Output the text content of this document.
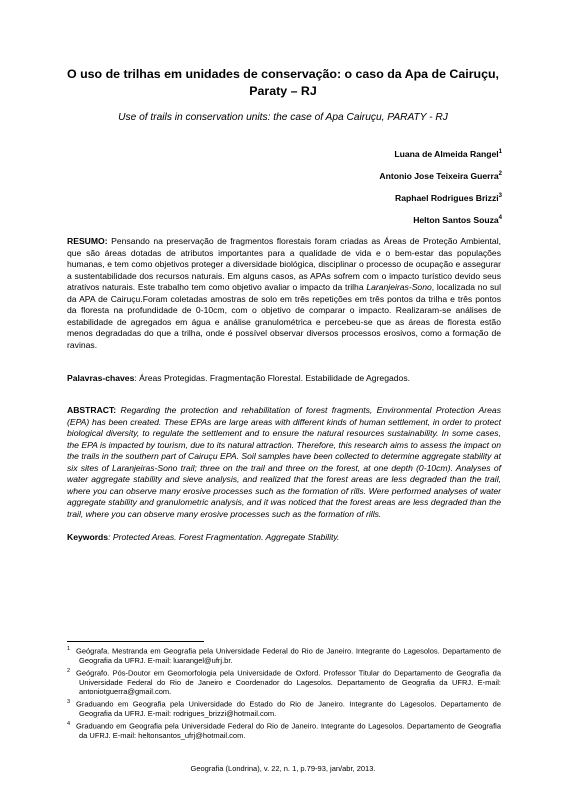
O uso de trilhas em unidades de conservação: o caso da Apa de Cairuçu, Paraty – RJ
Use of trails in conservation units: the case of Apa Cairuçu, PARATY - RJ
Luana de Almeida Rangel$^1$
Antonio Jose Teixeira Guerra$^2$
Raphael Rodrigues Brizzi$^3$
Helton Santos Souza$^4$
RESUMO: Pensando na preservação de fragmentos florestais foram criadas as Áreas de Proteção Ambiental, que são áreas dotadas de atributos importantes para a qualidade de vida e o bem-estar das populações humanas, e tem como objetivos proteger a diversidade biológica, disciplinar o processo de ocupação e assegurar a sustentabilidade dos recursos naturais. Em alguns casos, as APAs sofrem com o impacto turístico devido seus atrativos naturais. Este trabalho tem como objetivo avaliar o impacto da trilha Laranjeiras-Sono, localizada no sul da APA de Cairuçu.Foram coletadas amostras de solo em três repetições em três pontos da trilha e três pontos da floresta na profundidade de 0-10cm, com o objetivo de comparar o impacto. Realizaram-se análises de estabilidade de agregados em água e análise granulométrica e percebeu-se que as áreas de floresta estão menos degradadas do que a trilha, onde é possível observar diversos processos erosivos, como a formação de ravinas.
Palavras-chaves: Áreas Protegidas. Fragmentação Florestal. Estabilidade de Agregados.
ABSTRACT: Regarding the protection and rehabilitation of forest fragments, Environmental Protection Areas (EPA) has been created. These EPAs are large areas with different kinds of human settlement, in order to protect biological diversity, to regulate the settlement and to ensure the natural resources sustainability. In some cases, the EPA is impacted by tourism, due to its natural attraction. Therefore, this research aims to assess the impact on the trails in the southern part of Cairuçu EPA. Soil samples have been collected to determine aggregate stability at six sites of Laranjeiras-Sono trail; three on the trail and three on the forest, at one depth (0-10cm). Analyses of water aggregate stability and sieve analysis, and realized that the forest areas are less degraded than the trail, where you can observe many erosive processes such as the formation of rills. Were performed analyses of water aggregate stability and granulometric analysis, and it was noticed that the forest areas are less degraded than the trail, where you can observe many erosive processes such as the formation of rills.
Keywords: Protected Areas. Forest Fragmentation. Aggregate Stability.
$^1$ Geógrafa. Mestranda em Geografia pela Universidade Federal do Rio de Janeiro. Integrante do Lagesolos. Departamento de Geografia da UFRJ. E-mail: luarangel@ufrj.br.
$^2$ Geógrafo. Pós-Doutor em Geomorfologia pela Universidade de Oxford. Professor Titular do Departamento de Geografia da Universidade Federal do Rio de Janeiro e Coordenador do Lagesolos. Departamento de Geografia da UFRJ. E-mail: antoniotguerra@gmail.com.
$^3$ Graduando em Geografia pela Universidade do Estado do Rio de Janeiro. Integrante do Lagesolos. Departamento de Geografia da UFRJ. E-mail: rodrigues_brizzi@hotmail.com.
$^4$ Graduando em Geografia pela Universidade Federal do Rio de Janeiro. Integrante do Lagesolos. Departamento de Geografia da UFRJ. E-mail: heltonsantos_ufrj@hotmail.com.
Geografia (Londrina), v. 22, n. 1, p.79-93, jan/abr, 2013.
